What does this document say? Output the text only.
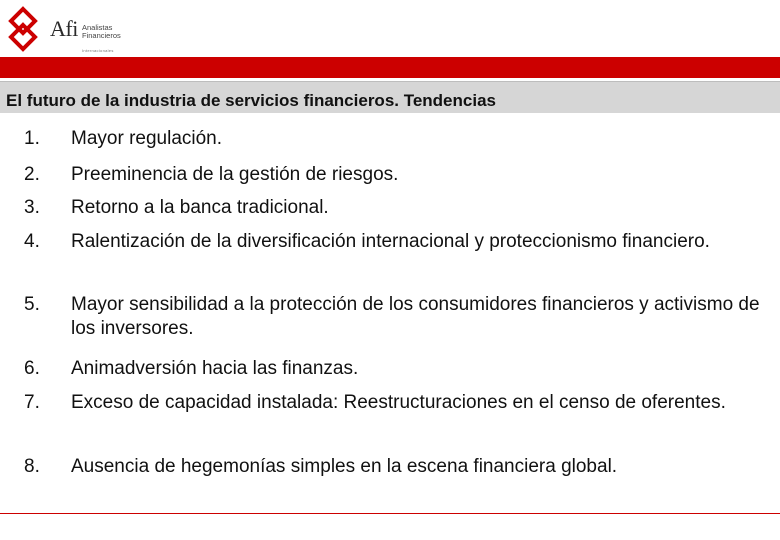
Afi Analistas
Financieros
Internacionales
El futuro de la industria de servicios financieros. Tendencias
1.	Mayor regulación.
2.	Preeminencia de la gestión de riesgos.
3.	Retorno a la banca tradicional.
4.	Ralentización de la diversificación internacional y proteccionismo financiero.
5.	Mayor sensibilidad a la protección de los consumidores financieros y activismo de los inversores.
6.	Animadversión hacia las finanzas.
7.	Exceso de capacidad instalada: Reestructuraciones en el censo de oferentes.
8.	Ausencia de hegemonías simples en la escena financiera global.
